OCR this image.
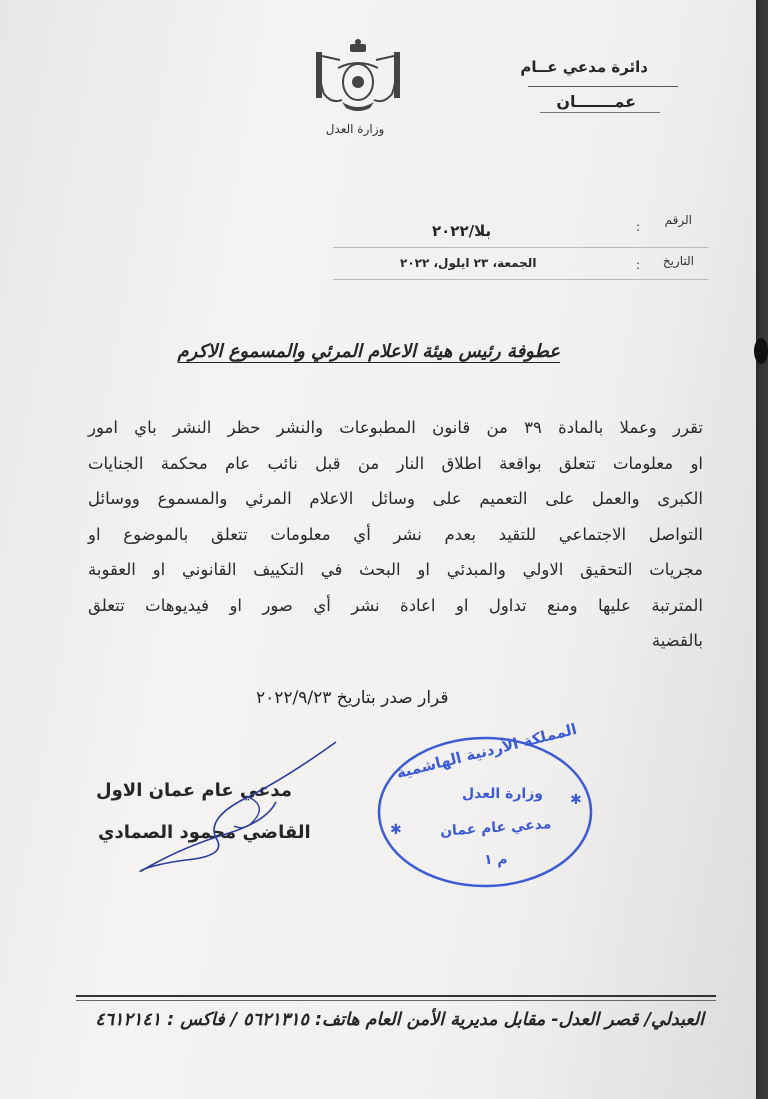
وزارة العدل
دائرة مدعي عــام
عمـــــــان
الرقم
:
بلا/٢٠٢٢
التاريخ
:
الجمعة، ٢٣ ايلول، ٢٠٢٢
عطوفة رئيس هيئة الاعلام المرئي والمسموع الاكرم
تقرر وعملا بالمادة ٣٩ من قانون المطبوعات والنشر حظر النشر باي امور
او معلومات تتعلق بواقعة اطلاق النار من قبل نائب عام محكمة الجنايات
الكبرى والعمل على التعميم على وسائل الاعلام المرئي والمسموع ووسائل
التواصل الاجتماعي للتقيد بعدم نشر أي معلومات تتعلق بالموضوع او
مجريات التحقيق الاولي والمبدئي او البحث في التكييف القانوني او العقوبة
المترتبة عليها ومنع تداول او اعادة نشر أي صور او فيديوهات تتعلق
بالقضية
قرار صدر بتاريخ ٢٠٢٢/٩/٢٣
مدعي عام عمان الاول
القاضي محمود الصمادي	✱
✱
المملكة الأردنية الهاشمية
وزارة العدل
مدعي عام عمان
م ١
العبدلي/ قصر العدل- مقابل مديرية الأمن العام هاتف: ٥٦٢١٣١٥ / فاكس : ٤٦١٢١٤١
